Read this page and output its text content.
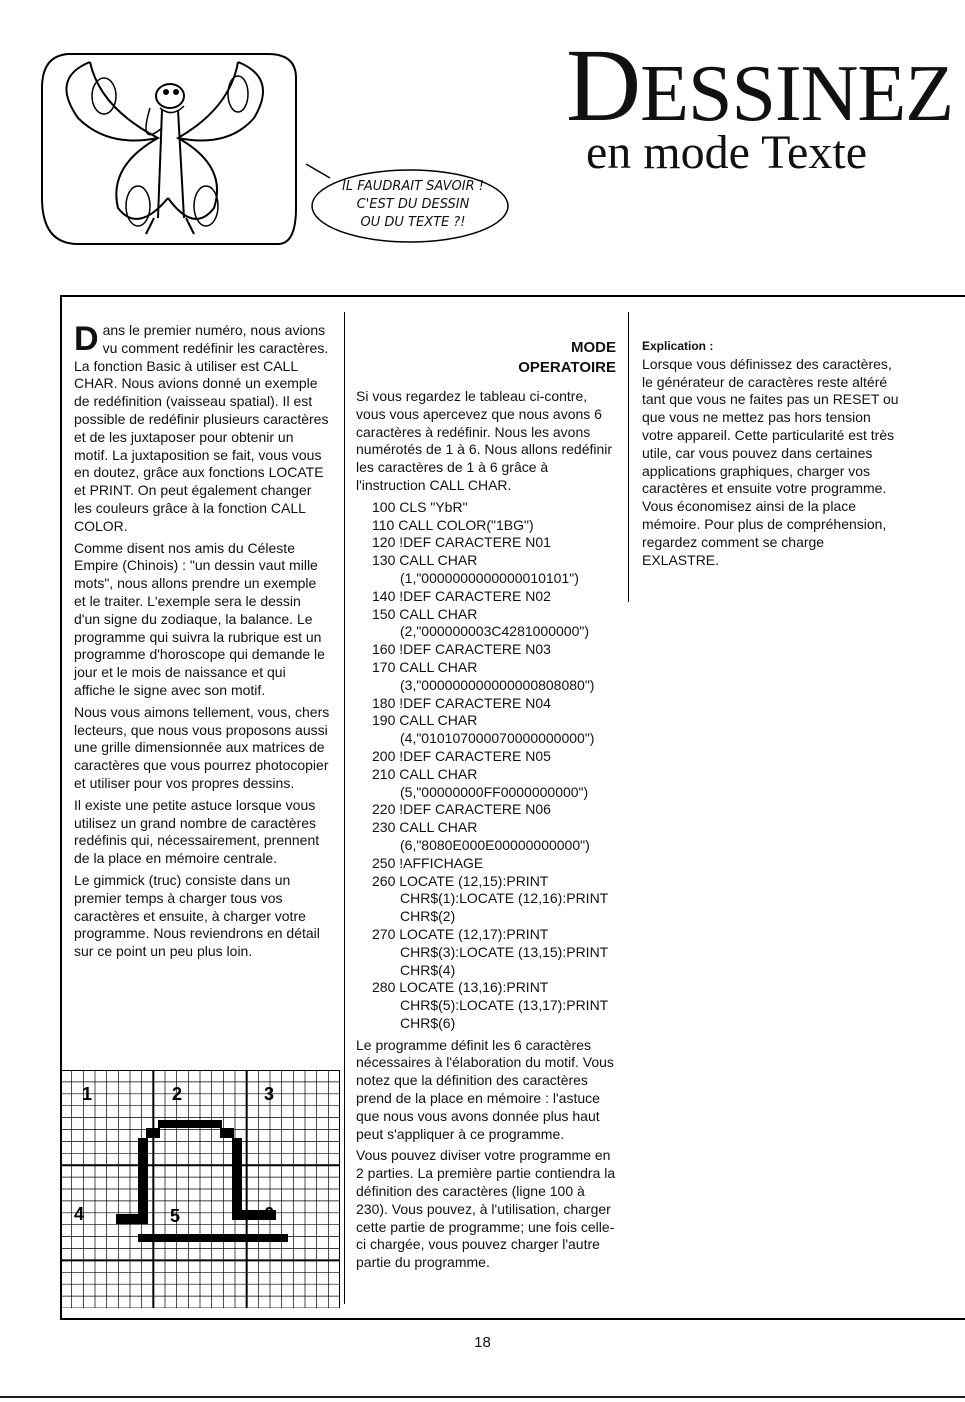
IL FAUDRAIT SAVOIR !
C'EST DU DESSIN
OU DU TEXTE ?!
DESSINEZ
en mode Texte

Dans le premier numéro, nous avions vu comment redéfinir les caractères. La fonction Basic à utiliser est CALL CHAR. Nous avions donné un exemple de redéfinition (vaisseau spatial). Il est possible de redéfinir plusieurs caractères et de les juxtaposer pour obtenir un motif. La juxtaposition se fait, vous vous en doutez, grâce aux fonctions LOCATE et PRINT. On peut également changer les couleurs grâce à la fonction CALL COLOR.

Comme disent nos amis du Céleste Empire (Chinois) : "un dessin vaut mille mots", nous allons prendre un exemple et le traiter. L'exemple sera le dessin d'un signe du zodiaque, la balance. Le programme qui suivra la rubrique est un programme d'horoscope qui demande le jour et le mois de naissance et qui affiche le signe avec son motif.

Nous vous aimons tellement, vous, chers lecteurs, que nous vous proposons aussi une grille dimensionnée aux matrices de caractères que vous pourrez photocopier et utiliser pour vos propres dessins.

Il existe une petite astuce lorsque vous utilisez un grand nombre de caractères redéfinis qui, nécessairement, prennent de la place en mémoire centrale.

Le gimmick (truc) consiste dans un premier temps à charger tous vos caractères et ensuite, à charger votre programme. Nous reviendrons en détail sur ce point un peu plus loin.

1	2	3
4	5	6
MODE
OPERATOIRE

Si vous regardez le tableau ci-contre, vous vous apercevez que nous avons 6 caractères à redéfinir. Nous les avons numérotés de 1 à 6. Nous allons redéfinir les caractères de 1 à 6 grâce à l'instruction CALL CHAR.

100 CLS "YbR"
110 CALL COLOR("1BG")
120 !DEF CARACTERE N01
130 CALL CHAR
(1,"0000000000000010101")
140 !DEF CARACTERE N02
150 CALL CHAR
(2,"000000003C4281000000")
160 !DEF CARACTERE N03
170 CALL CHAR
(3,"000000000000000808080")
180 !DEF CARACTERE N04
190 CALL CHAR
(4,"010107000070000000000")
200 !DEF CARACTERE N05
210 CALL CHAR
(5,"00000000FF0000000000")
220 !DEF CARACTERE N06
230 CALL CHAR
(6,"8080E000E00000000000")
250 !AFFICHAGE
260 LOCATE (12,15):PRINT
CHR$(1):LOCATE (12,16):PRINT
CHR$(2)
270 LOCATE (12,17):PRINT
CHR$(3):LOCATE (13,15):PRINT
CHR$(4)
280 LOCATE (13,16):PRINT
CHR$(5):LOCATE (13,17):PRINT
CHR$(6)

Le programme définit les 6 caractères nécessaires à l'élaboration du motif. Vous notez que la définition des caractères prend de la place en mémoire : l'astuce que nous vous avons donnée plus haut peut s'appliquer à ce programme.

Vous pouvez diviser votre programme en 2 parties. La première partie contiendra la définition des caractères (ligne 100 à 230). Vous pouvez, à l'utilisation, charger cette partie de programme; une fois celle-ci chargée, vous pouvez charger l'autre partie du programme.

Explication :

Lorsque vous définissez des caractères, le générateur de caractères reste altéré tant que vous ne faites pas un RESET ou que vous ne mettez pas hors tension votre appareil. Cette particularité est très utile, car vous pouvez dans certaines applications graphiques, charger vos caractères et ensuite votre programme. Vous économisez ainsi de la place mémoire. Pour plus de compréhension, regardez comment se charge EXLASTRE.

18
